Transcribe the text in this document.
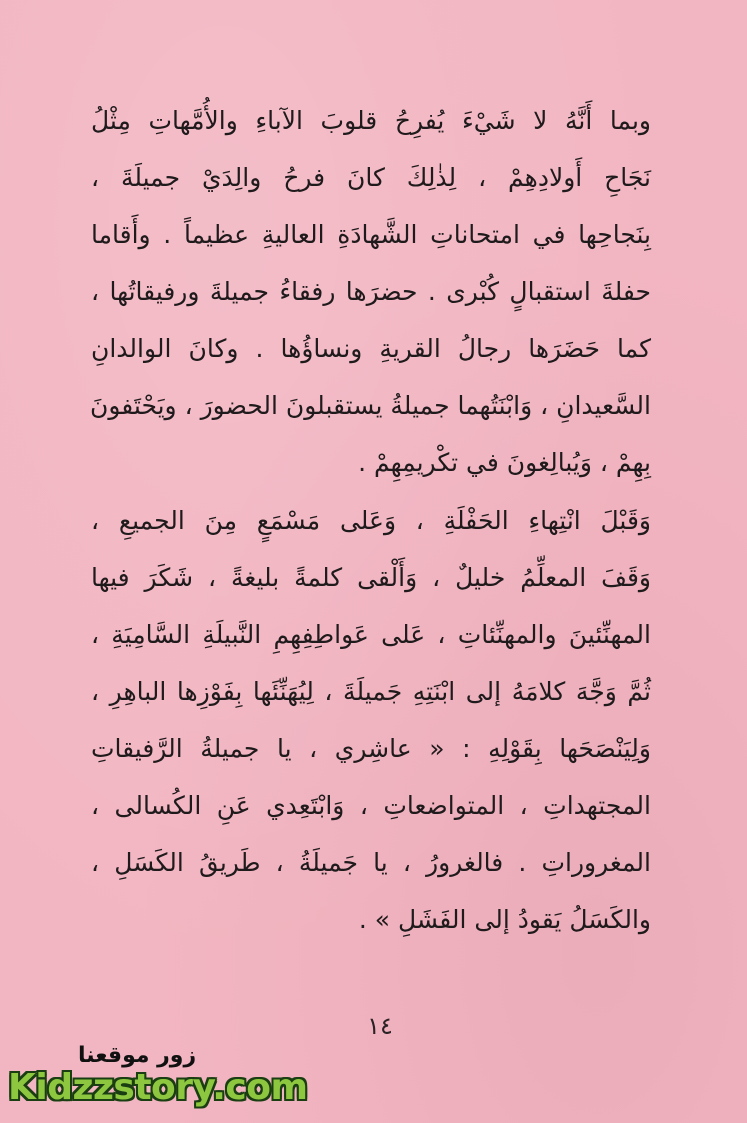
وبما أَنَّهُ لا شَيْءَ يُفرِحُ قلوبَ الآباءِ والأُمَّهاتِ مِثْلُ
نَجَاحِ أَولادِهِمْ ، لِذٰلِكَ كانَ فرحُ والِدَيْ جميلَةَ ،
بِنَجاحِها في امتحاناتِ الشَّهادَةِ العاليةِ عظيماً . وأَقاما
حفلةَ استقبالٍ كُبْرى . حضرَها رفقاءُ جميلةَ ورفيقاتُها ،
كما حَضَرَها رجالُ القريةِ ونساؤُها . وكانَ الوالدانِ
السَّعيدانِ ، وَابْنَتُهما جميلةُ يستقبلونَ الحضورَ ، ويَحْتَفونَ
بِهِمْ ، وَيُبالِغونَ في تكْريمِهِمْ .
وَقَبْلَ انْتِهاءِ الحَفْلَةِ ، وَعَلى مَسْمَعٍ مِنَ الجميعِ ،
وَقَفَ المعلِّمُ خليلٌ ، وَأَلْقى كلمةً بليغةً ، شَكَرَ فيها
المهنِّئينَ والمهنِّئاتِ ، عَلى عَواطِفِهِمِ النَّبيلَةِ السَّامِيَةِ ،
ثُمَّ وَجَّهَ كلامَهُ إلى ابْنَتِهِ جَميلَةَ ، لِيُهَنِّئَها بِفَوْزِها الباهِرِ ،
وَلِيَنْصَحَها بِقَوْلِهِ : « عاشِري ، يا جميلةُ الرَّفيقاتِ
المجتهداتِ ، المتواضعاتِ ، وَابْتَعِدي عَنِ الكُسالى ،
المغروراتِ . فالغرورُ ، يا جَميلَةُ ، طَريقُ الكَسَلِ ،
والكَسَلُ يَقودُ إلى الفَشَلِ » .
١٤
زور موقعنا
Kidzzstory.com
